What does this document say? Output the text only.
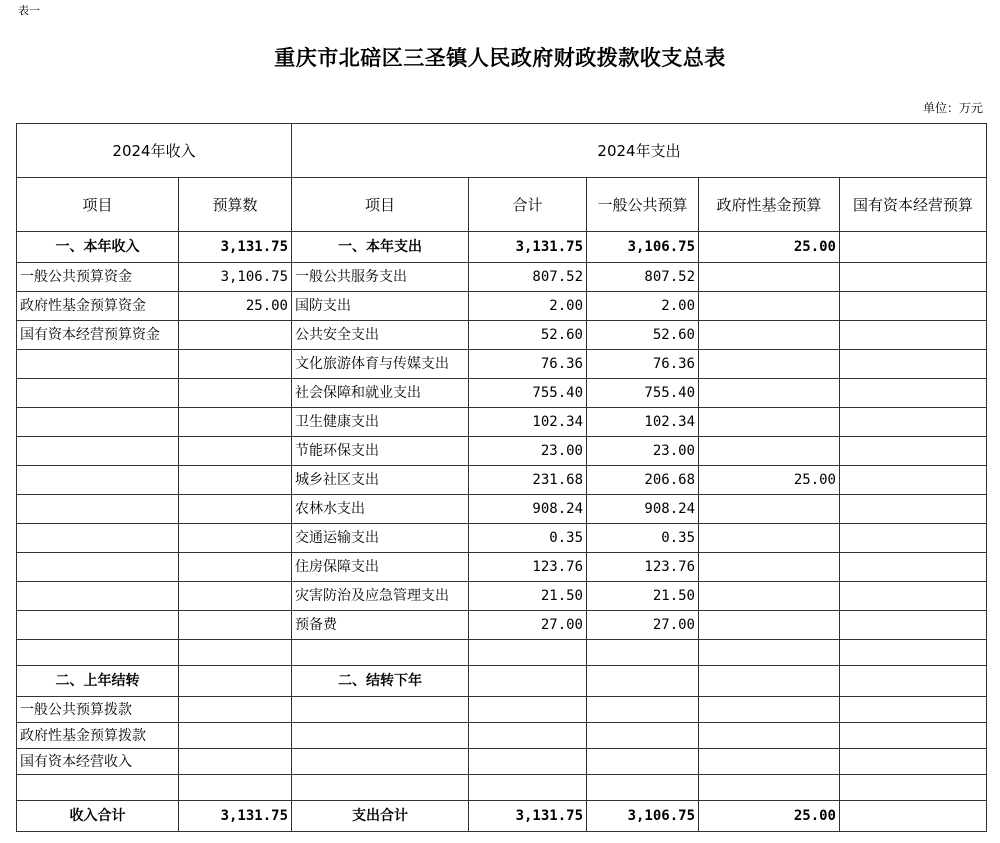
表一
重庆市北碚区三圣镇人民政府财政拨款收支总表
单位：万元
2024年收入		2024年支出				
项目	预算数	项目	合计	一般公共预算	政府性基金预算	国有资本经营预算
一、本年收入	3,131.75	一、本年支出	3,131.75	3,106.75	25.00	
一般公共预算资金	3,106.75	一般公共服务支出	807.52	807.52		
政府性基金预算资金	25.00	国防支出	2.00	2.00		
国有资本经营预算资金		公共安全支出	52.60	52.60		
		文化旅游体育与传媒支出	76.36	76.36		
		社会保障和就业支出	755.40	755.40		
		卫生健康支出	102.34	102.34		
		节能环保支出	23.00	23.00		
		城乡社区支出	231.68	206.68	25.00	
		农林水支出	908.24	908.24		
		交通运输支出	0.35	0.35		
		住房保障支出	123.76	123.76		
		灾害防治及应急管理支出	21.50	21.50		
		预备费	27.00	27.00		

二、上年结转		二、结转下年				
一般公共预算拨款						
政府性基金预算拨款						
国有资本经营收入						

收入合计	3,131.75	支出合计	3,131.75	3,106.75	25.00	
